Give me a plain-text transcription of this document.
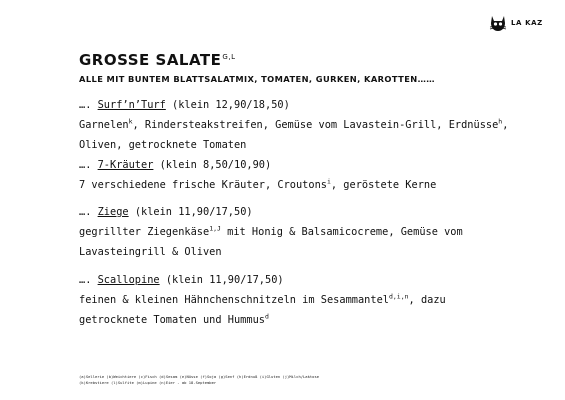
LA KAZ
GROSSE $SALATE^{G,L}$
ALLE MIT BUNTEM BLATTSALATMIX, TOMATEN, GURKEN, KAROTTEN……
…. Surf’n’Turf (klein 12,90/18,50)
Garnelen$^k$, Rindersteakstreifen, Gemüse vom Lavastein-Grill, Erdnüsse$^h$,
Oliven, getrocknete Tomaten
…. 7-Kräuter (klein 8,50/10,90)
7 verschiedene frische Kräuter, Croutons$^i$, geröstete Kerne
…. Ziege (klein 11,90/17,50)
gegrillter Ziegenkäse$^{1,J}$ mit Honig & Balsamicocreme, Gemüse vom
Lavasteingrill & Oliven
…. Scallopine (klein 11,90/17,50)
feinen & kleinen Hähnchenschnitzeln im Sesammantel$^{d,i,n}$, dazu
getrocknete Tomaten und Hummus$^d$
(a)Sellerie (b)Weichtiere (c)Fisch (d)Sesam (e)Nüsse (f)Soja (g)Senf (h)Erdnuß (i)Gluten (j)Milch/Laktose
(k)Krebstiere (l)Sulfite (m)Lupine (n)Eier - ab 18.September
